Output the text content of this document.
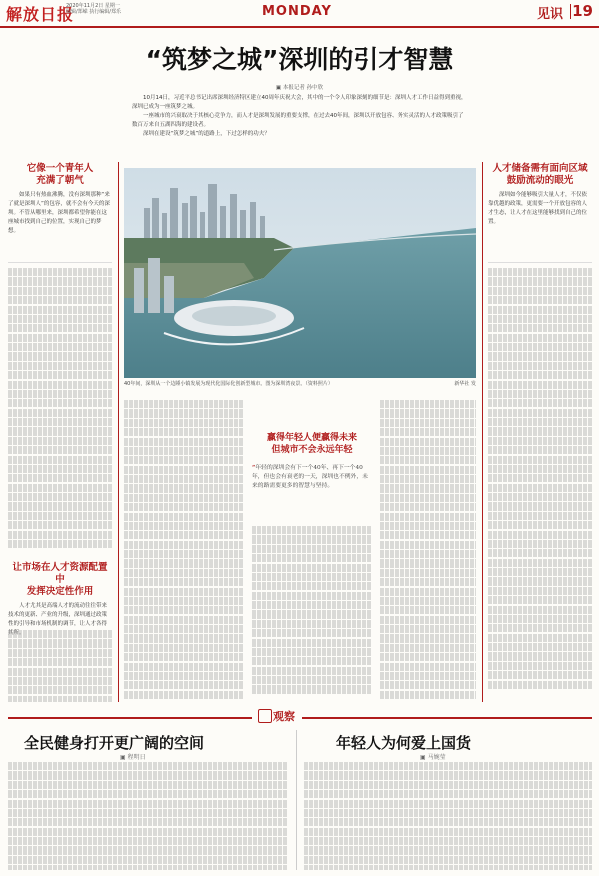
解放日报
2020年11月2日 星期一
编辑/郑嵘 执行编辑/郑乐	MONDAY	见识 19
“筑梦之城”深圳的引才智慧
▣ 本报记者 孙中欣

10月14日，习近平总书记出席深圳经济特区建立40周年庆祝大会，其中的一个令人印象深刻的细节是：深圳人才工作日益得到重视，深圳已成为一座筑梦之城。

一座城市的兴衰取决于其核心竞争力，而人才是深圳发展的重要支撑，在过去40年间，深圳以开放包容、务实灵活的人才政策吸引了数百万来自五湖四海的建设者。

深圳在建设“筑梦之城”的道路上，下过怎样的功夫？

它像一个青年人
充满了朝气
如果只有热血沸腾，没有深圳那种“来了就是深圳人”的包容，就不会有今天的深圳。不管从哪里来，深圳都希望你能在这座城市找到自己的位置，实现自己的梦想。
让市场在人才资源配置中
发挥决定性作用
人才尤其是高端人才的流动往往带来技术的更新、产业的升级，深圳通过政策性的引导和市场机制的调节，让人才各得其所。
人才储备需有面向区域
鼓励流动的眼光
深圳如今能够吸引大量人才，不仅依靠优越的政策，更需要一个开放包容的人才生态，让人才在这里能够找到自己的位置。
40年间，深圳从一个边陲小镇发展为现代化国际化创新型城市。图为深圳湾夜景。（资料照片）	新华社 发
赢得年轻人便赢得未来
但城市不会永远年轻
“年轻的深圳会有下一个40年、再下一个40年，但也会有衰老的一天，深圳也不例外，未来的路需要更多的智慧与坚持。
观察
全民健身打开更广阔的空间
▣ 程明日
年轻人为何爱上国货
▣ 马婉莹
